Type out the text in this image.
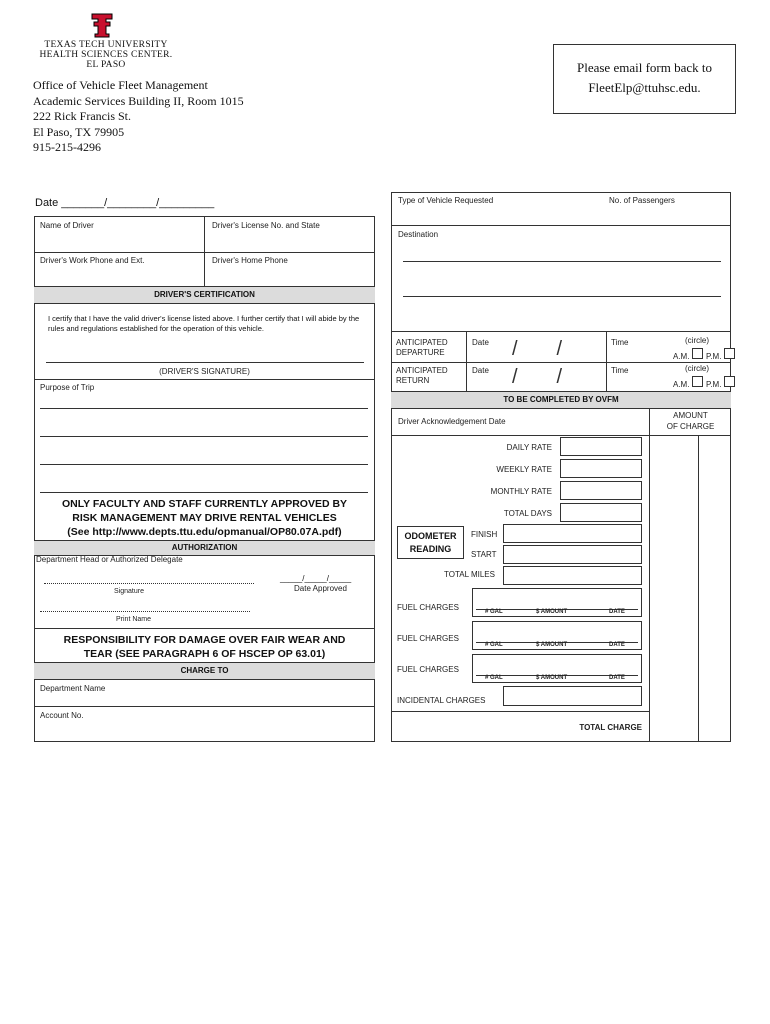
TEXAS TECH UNIVERSITY
HEALTH SCIENCES CENTER.
EL PASO
Office of Vehicle Fleet Management
Academic Services Building II, Room 1015
222 Rick Francis St.
El Paso, TX 79905
915-215-4296
Please email form back to
FleetElp@ttuhsc.edu.
Date _______/________/_________
DRIVER'S CERTIFICATION
Name of Driver	Driver's License No. and State
Driver's Work Phone and Ext.	Driver's Home Phone
I certify that I have the valid driver's license listed above. I further certify that I will abide by the rules and regulations established for the operation of this vehicle.
(DRIVER'S SIGNATURE)
Purpose of Trip
ONLY FACULTY AND STAFF CURRENTLY APPROVED BY
RISK MANAGEMENT MAY DRIVE RENTAL VEHICLES
(See http://www.depts.ttu.edu/opmanual/OP80.07A.pdf)
AUTHORIZATION
Department Head or Authorized Delegate
_____/_____/_____
Signature	Date Approved
Print Name
RESPONSIBILITY FOR DAMAGE OVER FAIR WEAR AND
TEAR (SEE PARAGRAPH 6 OF HSCEP OP 63.01)
CHARGE TO
Department Name
Account No.
Type of Vehicle Requested	No. of Passengers
Destination
ANTICIPATED
DEPARTURE
Date /       /	Time	(circle)
A.M. P.M.
ANTICIPATED
RETURN
Date /       /	Time	(circle)
A.M. P.M.
TO BE COMPLETED BY OVFM
Driver Acknowledgement Date
AMOUNT
OF CHARGE
DAILY RATE
WEEKLY RATE
MONTHLY RATE
TOTAL DAYS
ODOMETER
READING
FINISH
START
TOTAL MILES
FUEL CHARGES	# GAL	$ AMOUNT	DATE
FUEL CHARGES
# GAL	$ AMOUNT	DATE
FUEL CHARGES
# GAL	$ AMOUNT	DATE
INCIDENTAL CHARGES
TOTAL CHARGE
